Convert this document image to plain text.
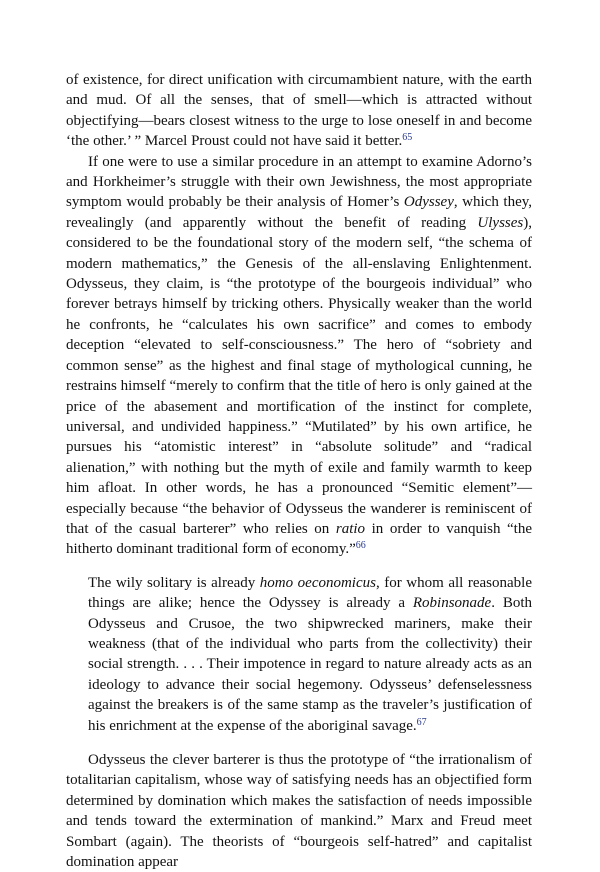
of existence, for direct unification with circumambient nature, with the earth and mud. Of all the senses, that of smell—which is attracted without objectifying—bears closest witness to the urge to lose oneself in and become ‘the other.’ ” Marcel Proust could not have said it better.$^{65}$

If one were to use a similar procedure in an attempt to examine Adorno’s and Horkheimer’s struggle with their own Jewishness, the most appropriate symptom would probably be their analysis of Homer’s Odyssey, which they, revealingly (and apparently without the benefit of reading Ulysses), considered to be the foundational story of the modern self, “the schema of modern mathematics,” the Genesis of the all-enslaving Enlightenment. Odysseus, they claim, is “the prototype of the bourgeois individual” who forever betrays himself by tricking others. Physically weaker than the world he confronts, he “calculates his own sacrifice” and comes to embody deception “elevated to self-consciousness.” The hero of “sobriety and common sense” as the highest and final stage of mythological cunning, he restrains himself “merely to confirm that the title of hero is only gained at the price of the abasement and mortification of the instinct for complete, universal, and undivided happiness.” “Mutilated” by his own artifice, he pursues his “atomistic interest” in “absolute solitude” and “radical alienation,” with nothing but the myth of exile and family warmth to keep him afloat. In other words, he has a pronounced “Semitic element”—especially because “the behavior of Odysseus the wanderer is reminiscent of that of the casual barterer” who relies on ratio in order to vanquish “the hitherto dominant traditional form of economy.”$^{66}$

The wily solitary is already homo oeconomicus, for whom all reasonable things are alike; hence the Odyssey is already a Robinsonade. Both Odysseus and Crusoe, the two shipwrecked mariners, make their weakness (that of the individual who parts from the collectivity) their social strength. . . . Their impotence in regard to nature already acts as an ideology to advance their social hegemony. Odysseus’ defenselessness against the breakers is of the same stamp as the traveler’s justification of his enrichment at the expense of the aboriginal savage.$^{67}$

Odysseus the clever barterer is thus the prototype of “the irrationalism of totalitarian capitalism, whose way of satisfying needs has an objectified form determined by domination which makes the satisfaction of needs impossible and tends toward the extermination of mankind.” Marx and Freud meet Sombart (again). The theorists of “bourgeois self-hatred” and capitalist domination appear
